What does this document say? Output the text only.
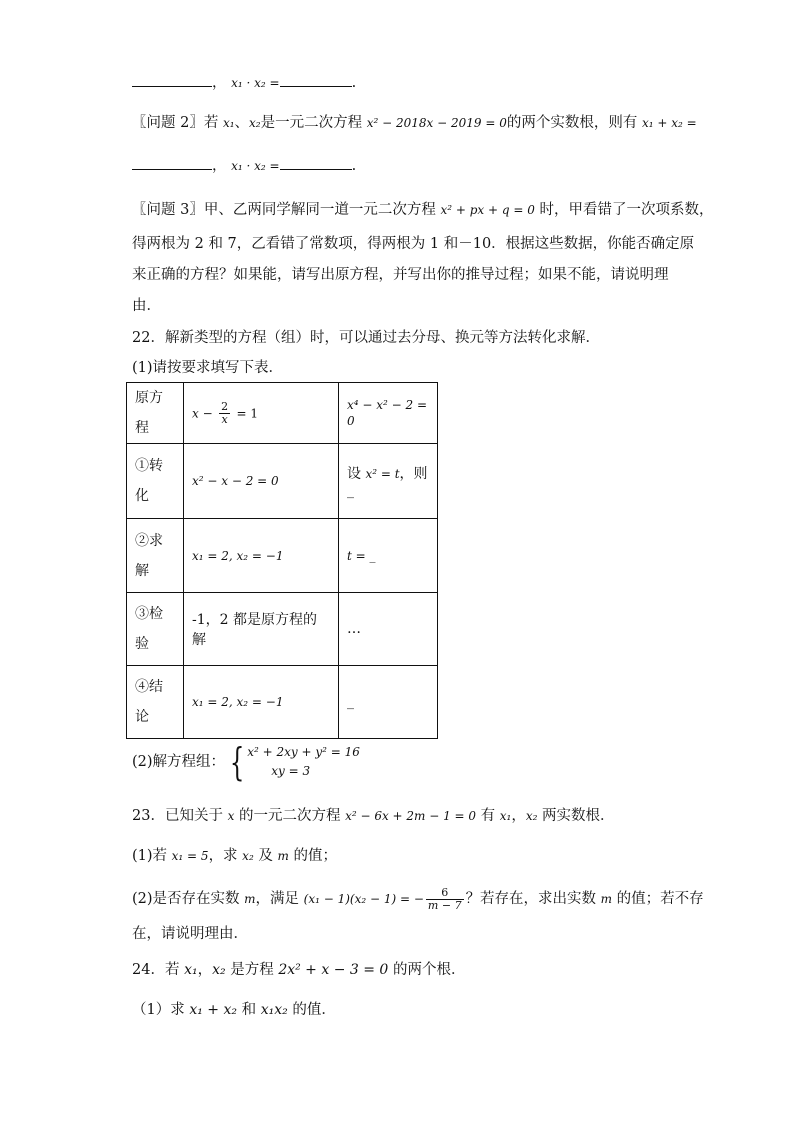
， x₁ · x₂ =	.
〖问题 2〗若 x₁、x₂是一元二次方程 x² − 2018x − 2019 = 0的两个实数根，则有 x₁ + x₂ =
， x₁ · x₂ =	.
〖问题 3〗甲、乙两同学解同一道一元二次方程 x² + px + q = 0 时，甲看错了一次项系数，
得两根为 2 和 7，乙看错了常数项，得两根为 1 和－10．根据这些数据，你能否确定原
来正确的方程？如果能，请写出原方程，并写出你的推导过程；如果不能，请说明理
由．
22．解新类型的方程（组）时，可以通过去分母、换元等方法转化求解．
(1)请按要求填写下表．
原方程	$x - \frac{2}{x} = 1$	x⁴ − x² − 2 = 0
①转
化	x² − x − 2 = 0	设 x² = t，则_
②求
解	x₁ = 2, x₂ = −1	t = _
③检
验	-1，2 都是原方程的解	…
④结
论	x₁ = 2, x₂ = −1	_
(2)解方程组： { x² + 2xy + y² = 16
xy = 3
23．已知关于 x 的一元二次方程 x² − 6x + 2m − 1 = 0 有 x₁，x₂ 两实数根．
(1)若 x₁ = 5，求 x₂ 及 m 的值；
(2)是否存在实数 m，满足 (x₁ − 1)(x₂ − 1) = − $\frac{6}{m - 7}$ ？若存在，求出实数 m 的值；若不存
在，请说明理由．
24．若 x₁，x₂ 是方程 2x² + x − 3 = 0 的两个根．
（1）求 x₁ + x₂ 和 x₁x₂ 的值．
